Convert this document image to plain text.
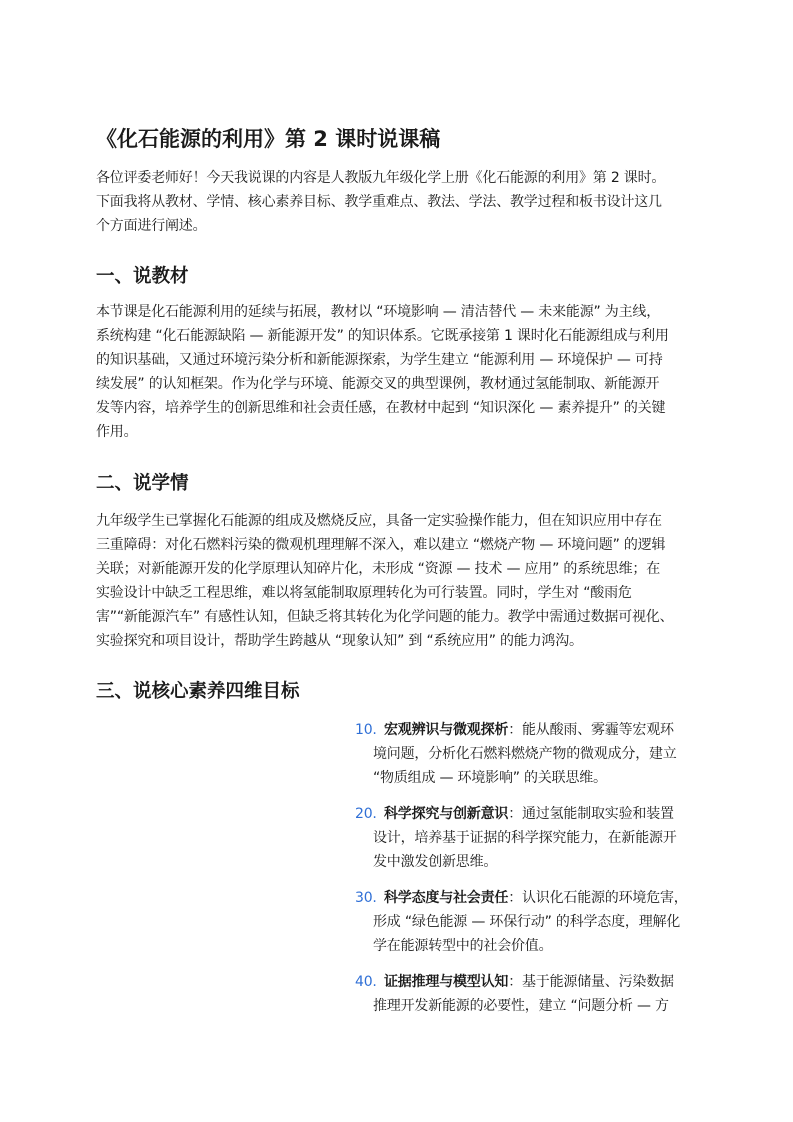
《化石能源的利用》第 2 课时说课稿

各位评委老师好！今天我说课的内容是人教版九年级化学上册《化石能源的利用》第 2 课时。
下面我将从教材、学情、核心素养目标、教学重难点、教法、学法、教学过程和板书设计这几
个方面进行阐述。

一、说教材

本节课是化石能源利用的延续与拓展，教材以 “环境影响 — 清洁替代 — 未来能源” 为主线，
系统构建 “化石能源缺陷 — 新能源开发” 的知识体系。它既承接第 1 课时化石能源组成与利用
的知识基础，又通过环境污染分析和新能源探索，为学生建立 “能源利用 — 环境保护 — 可持
续发展” 的认知框架。作为化学与环境、能源交叉的典型课例，教材通过氢能制取、新能源开
发等内容，培养学生的创新思维和社会责任感，在教材中起到 “知识深化 — 素养提升” 的关键
作用。

二、说学情

九年级学生已掌握化石能源的组成及燃烧反应，具备一定实验操作能力，但在知识应用中存在
三重障碍：对化石燃料污染的微观机理理解不深入，难以建立 “燃烧产物 — 环境问题” 的逻辑
关联；对新能源开发的化学原理认知碎片化，未形成 “资源 — 技术 — 应用” 的系统思维；在
实验设计中缺乏工程思维，难以将氢能制取原理转化为可行装置。同时，学生对 “酸雨危
害”“新能源汽车” 有感性认知，但缺乏将其转化为化学问题的能力。教学中需通过数据可视化、
实验探究和项目设计，帮助学生跨越从 “现象认知” 到 “系统应用” 的能力鸿沟。

三、说核心素养四维目标
10. 宏观辨识与微观探析：能从酸雨、雾霾等宏观环
境问题，分析化石燃料燃烧产物的微观成分，建立
“物质组成 — 环境影响” 的关联思维。
20. 科学探究与创新意识：通过氢能制取实验和装置
设计，培养基于证据的科学探究能力，在新能源开
发中激发创新思维。
30. 科学态度与社会责任：认识化石能源的环境危害，
形成 “绿色能源 — 环保行动” 的科学态度，理解化
学在能源转型中的社会价值。
40. 证据推理与模型认知：基于能源储量、污染数据
推理开发新能源的必要性，建立 “问题分析 — 方
